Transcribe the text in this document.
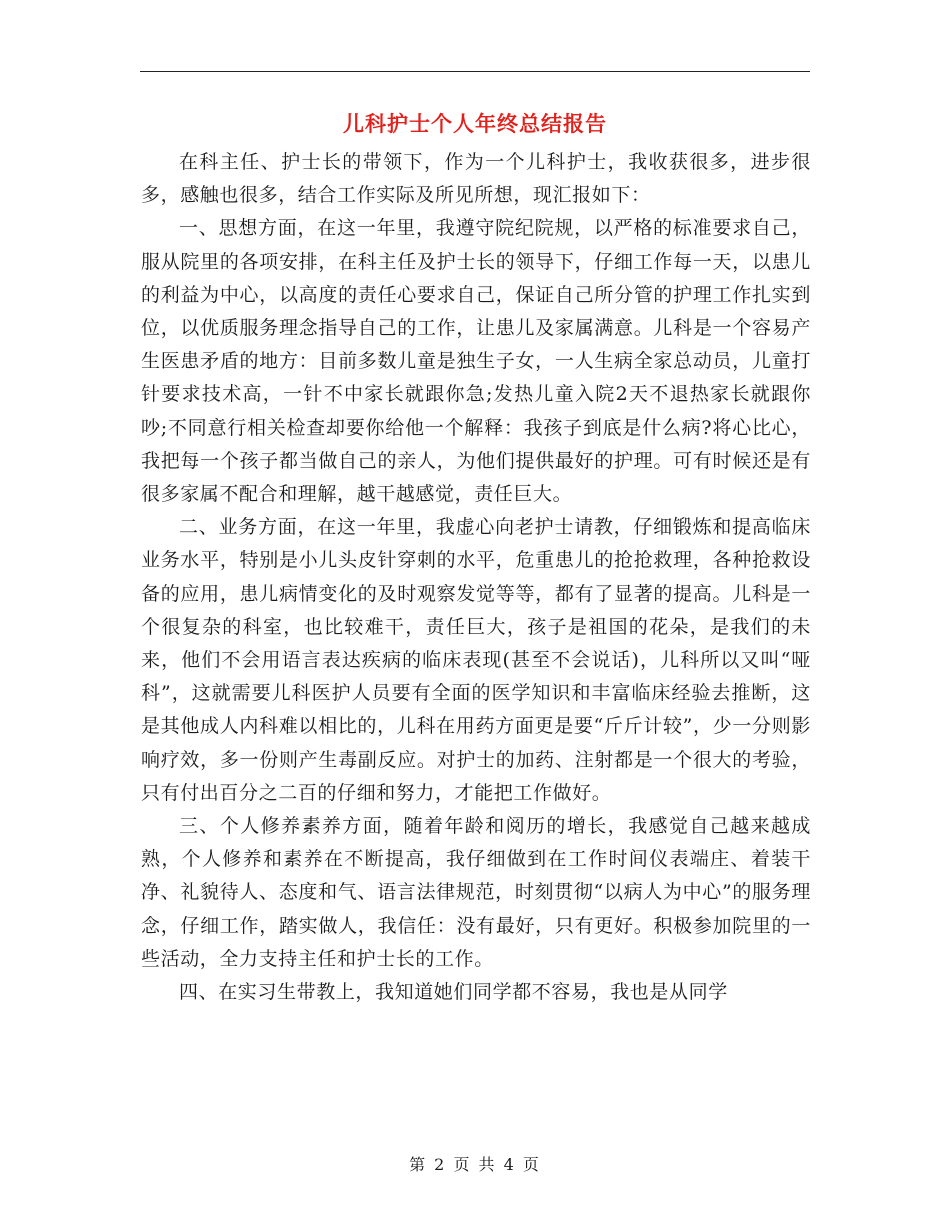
儿科护士个人年终总结报告

在科主任、护士长的带领下，作为一个儿科护士，我收获很多，进步很多，感触也很多，结合工作实际及所见所想，现汇报如下：

一、思想方面，在这一年里，我遵守院纪院规，以严格的标准要求自己，服从院里的各项安排，在科主任及护士长的领导下，仔细工作每一天，以患儿的利益为中心，以高度的责任心要求自己，保证自己所分管的护理工作扎实到位，以优质服务理念指导自己的工作，让患儿及家属满意。儿科是一个容易产生医患矛盾的地方：目前多数儿童是独生子女，一人生病全家总动员，儿童打针要求技术高，一针不中家长就跟你急;发热儿童入院2天不退热家长就跟你吵;不同意行相关检查却要你给他一个解释：我孩子到底是什么病?将心比心，我把每一个孩子都当做自己的亲人，为他们提供最好的护理。可有时候还是有很多家属不配合和理解，越干越感觉，责任巨大。

二、业务方面，在这一年里，我虚心向老护士请教，仔细锻炼和提高临床业务水平，特别是小儿头皮针穿刺的水平，危重患儿的抢抢救理，各种抢救设备的应用，患儿病情变化的及时观察发觉等等，都有了显著的提高。儿科是一个很复杂的科室，也比较难干，责任巨大，孩子是祖国的花朵，是我们的未来，他们不会用语言表达疾病的临床表现(甚至不会说话)，儿科所以又叫“哑科”，这就需要儿科医护人员要有全面的医学知识和丰富临床经验去推断，这是其他成人内科难以相比的，儿科在用药方面更是要“斤斤计较”，少一分则影响疗效，多一份则产生毒副反应。对护士的加药、注射都是一个很大的考验，只有付出百分之二百的仔细和努力，才能把工作做好。

三、个人修养素养方面，随着年龄和阅历的增长，我感觉自己越来越成熟，个人修养和素养在不断提高，我仔细做到在工作时间仪表端庄、着装干净、礼貌待人、态度和气、语言法律规范，时刻贯彻“以病人为中心”的服务理念，仔细工作，踏实做人，我信任：没有最好，只有更好。积极参加院里的一些活动，全力支持主任和护士长的工作。

四、在实习生带教上，我知道她们同学都不容易，我也是从同学

第 2 页 共 4 页
